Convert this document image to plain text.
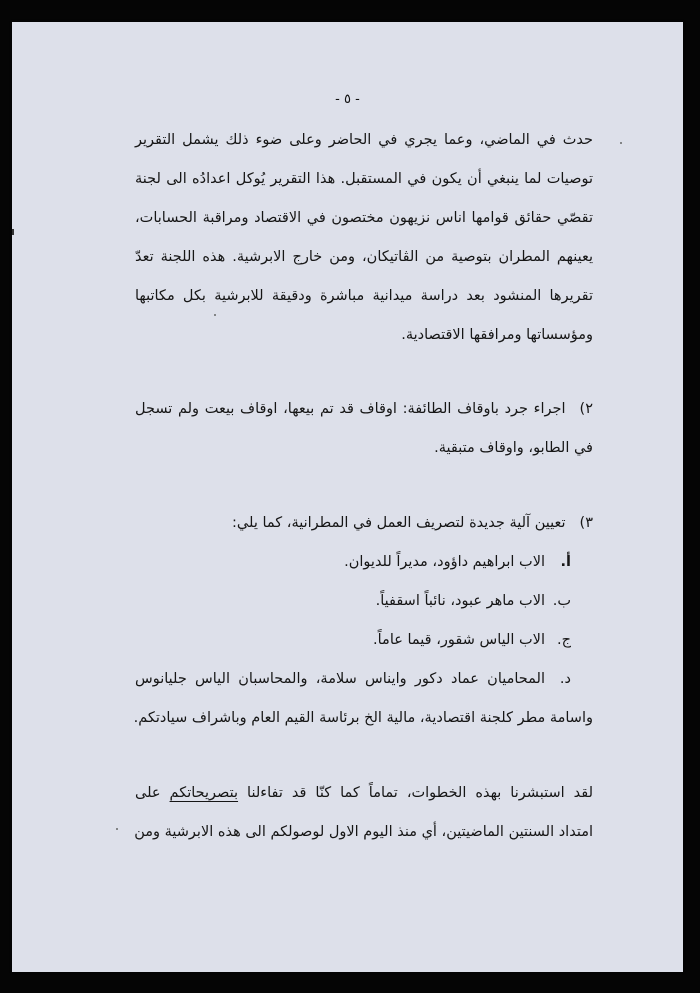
- ٥ -
حدث في الماضي، وعما يجري في الحاضر وعلى ضوء ذلك يشمل التقرير
توصيات لما ينبغي أن يكون في المستقبل. هذا التقرير يُوكل اعدادُه الى لجنة
تقصّي حقائق قوامها اناس نزيهون مختصون في الاقتصاد ومراقبة الحسابات،
يعينهم المطران بتوصية من الڤاتيكان، ومن خارج الابرشية. هذه اللجنة تعدّ
تقريرها المنشود بعد دراسة ميدانية مباشرة ودقيقة للابرشية بكل مكاتبها
ومؤسساتها ومرافقها الاقتصادية.
٢)اجراء جرد باوقاف الطائفة: اوقاف قد تم بيعها، اوقاف بيعت ولم تسجل
في الطابو، واوقاف متبقية.
٣)تعيين آلية جديدة لتصريف العمل في المطرانية، كما يلي:
أ.الاب ابراهيم داؤود، مديراً للديوان.
ب.الاب ماهر عبود، نائباً اسقفياً.
ج.الاب الياس شقور، قيما عاماً.
د.المحاميان عماد دكور وايناس سلامة، والمحاسبان الياس جليانوس
واسامة مطر كلجنة اقتصادية، مالية الخ برئاسة القيم العام وباشراف سيادتكم.
لقد استبشرنا بهذه الخطوات، تماماً كما كنّا قد تفاءلنا بتصريحاتكم على
امتداد السنتين الماضيتين، أي منذ اليوم الاول لوصولكم الى هذه الابرشية ومن
